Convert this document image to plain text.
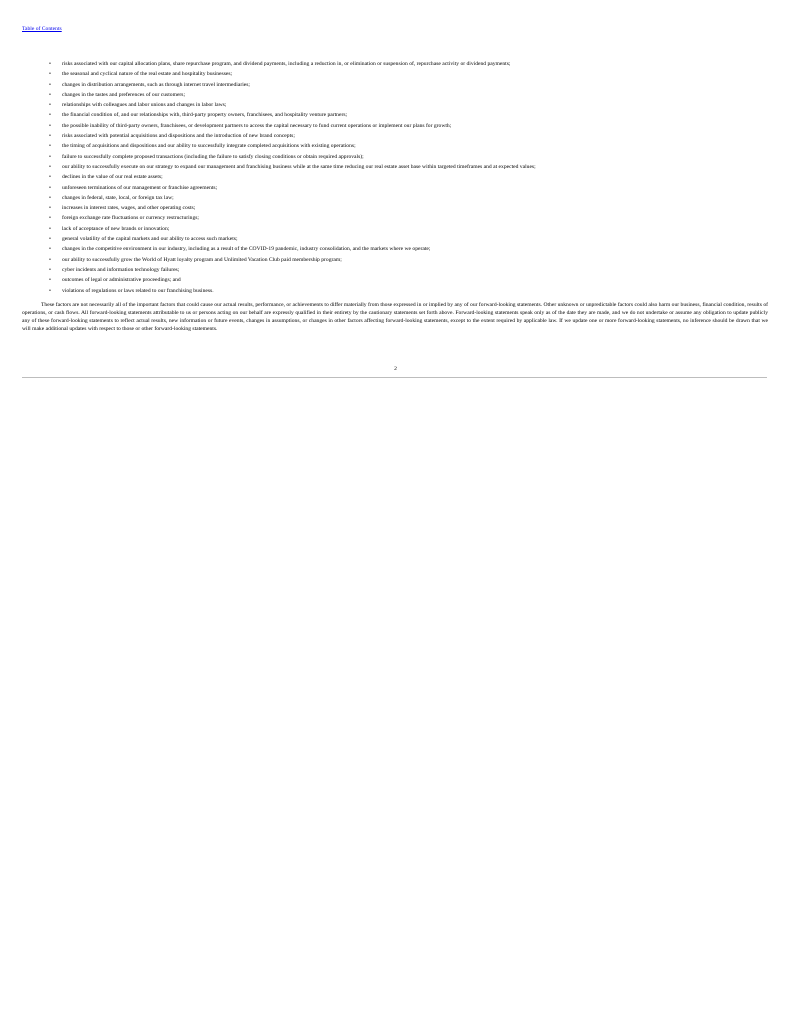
Table of Contents
• risks associated with our capital allocation plans, share repurchase program, and dividend payments, including a reduction in, or elimination or suspension of, repurchase activity or dividend payments;
• the seasonal and cyclical nature of the real estate and hospitality businesses;
• changes in distribution arrangements, such as through internet travel intermediaries;
• changes in the tastes and preferences of our customers;
• relationships with colleagues and labor unions and changes in labor laws;
• the financial condition of, and our relationships with, third-party property owners, franchisees, and hospitality venture partners;
• the possible inability of third-party owners, franchisees, or development partners to access the capital necessary to fund current operations or implement our plans for growth;
• risks associated with potential acquisitions and dispositions and the introduction of new brand concepts;
• the timing of acquisitions and dispositions and our ability to successfully integrate completed acquisitions with existing operations;
• failure to successfully complete proposed transactions (including the failure to satisfy closing conditions or obtain required approvals);
• our ability to successfully execute on our strategy to expand our management and franchising business while at the same time reducing our real estate asset base within targeted timeframes and at expected values;
• declines in the value of our real estate assets;
• unforeseen terminations of our management or franchise agreements;
• changes in federal, state, local, or foreign tax law;
• increases in interest rates, wages, and other operating costs;
• foreign exchange rate fluctuations or currency restructurings;
• lack of acceptance of new brands or innovation;
• general volatility of the capital markets and our ability to access such markets;
• changes in the competitive environment in our industry, including as a result of the COVID-19 pandemic, industry consolidation, and the markets where we operate;
• our ability to successfully grow the World of Hyatt loyalty program and Unlimited Vacation Club paid membership program;
• cyber incidents and information technology failures;
• outcomes of legal or administrative proceedings; and
• violations of regulations or laws related to our franchising business.

These factors are not necessarily all of the important factors that could cause our actual results, performance, or achievements to differ materially from those expressed in or implied by any of our forward-looking statements. Other unknown or unpredictable factors could also harm our business, financial condition, results of operations, or cash flows. All forward-looking statements attributable to us or persons acting on our behalf are expressly qualified in their entirety by the cautionary statements set forth above. Forward-looking statements speak only as of the date they are made, and we do not undertake or assume any obligation to update publicly any of these forward-looking statements to reflect actual results, new information or future events, changes in assumptions, or changes in other factors affecting forward-looking statements, except to the extent required by applicable law. If we update one or more forward-looking statements, no inference should be drawn that we will make additional updates with respect to those or other forward-looking statements.

2
